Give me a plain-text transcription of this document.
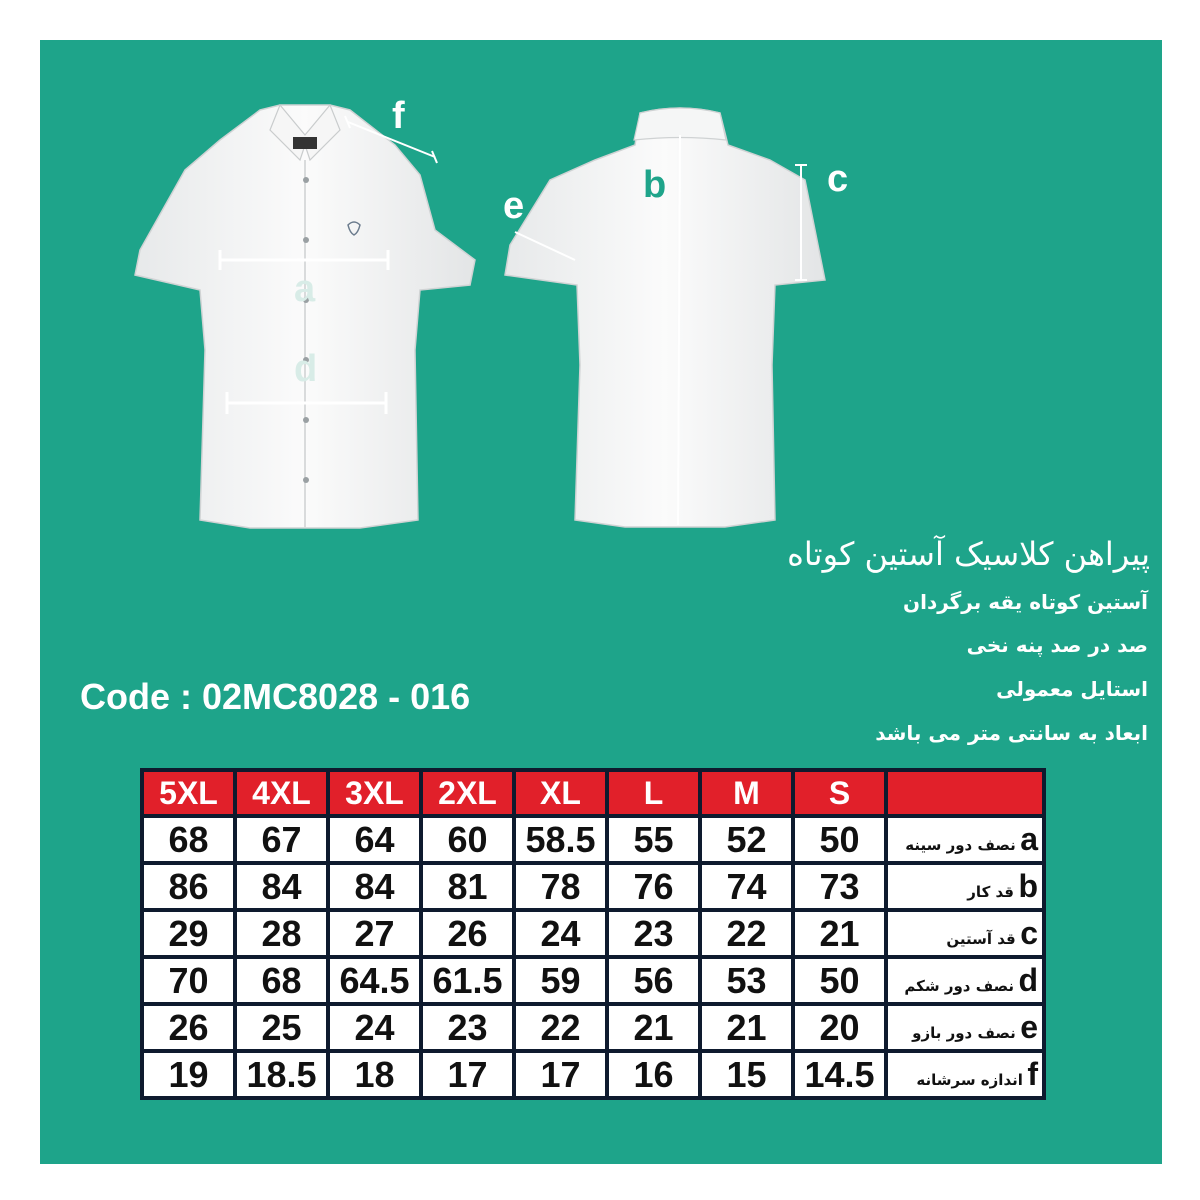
f
a
d
b	c
e
پیراهن کلاسیک آستین کوتاه
آستین کوتاه یقه برگردان
صد در صد پنه نخی
استایل معمولی
ابعاد به سانتی متر می باشد
Code : 02MC8028 - 016
5XL	4XL	3XL	2XL	XL	L	M	S	
68	67	64	60	58.5	55	52	50	a نصف دور سینه
86	84	84	81	78	76	74	73	b قد کار
29	28	27	26	24	23	22	21	c قد آستین
70	68	64.5	61.5	59	56	53	50	d نصف دور شکم
26	25	24	23	22	21	21	20	e نصف دور بازو
19	18.5	18	17	17	16	15	14.5	f اندازه سرشانه
